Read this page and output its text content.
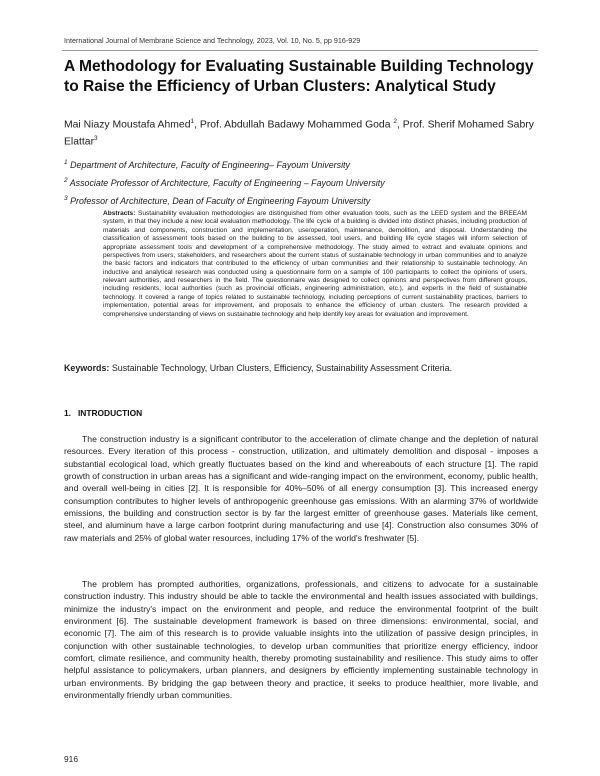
International Journal of Membrane Science and Technology, 2023, Vol. 10, No. 5, pp 916-929
A Methodology for Evaluating Sustainable Building Technology to Raise the Efficiency of Urban Clusters: Analytical Study
Mai Niazy Moustafa Ahmed$^1$, Prof. Abdullah Badawy Mohammed Goda $^2$, Prof. Sherif Mohamed Sabry Elattar$^3$
$^1$ Department of Architecture, Faculty of Engineering– Fayoum University
$^2$ Associate Professor of Architecture, Faculty of Engineering – Fayoum University
$^3$ Professor of Architecture, Dean of Faculty of Engineering Fayoum University
Abstracts: Sustainability evaluation methodologies are distinguished from other evaluation tools, such as the LEED system and the BREEAM system, in that they include a new local evaluation methodology. The life cycle of a building is divided into distinct phases, including production of materials and components, construction and implementation, use/operation, maintenance, demolition, and disposal. Understanding the classification of assessment tools based on the building to be assessed, tool users, and building life cycle stages will inform selection of appropriate assessment tools and development of a comprehensive methodology. The study aimed to extract and evaluate opinions and perspectives from users, stakeholders, and researchers about the current status of sustainable technology in urban communities and to analyze the basic factors and indicators that contributed to the efficiency of urban communities and their relationship to sustainable technology. An inductive and analytical research was conducted using a questionnaire form on a sample of 100 participants to collect the opinions of users, relevant authorities, and researchers in the field. The questionnaire was designed to collect opinions and perspectives from different groups, including residents, local authorities (such as provincial officials, engineering administration, etc.), and experts in the field of sustainable technology. It covered a range of topics related to sustainable technology, including perceptions of current sustainability practices, barriers to implementation, potential areas for improvement, and proposals to enhance the efficiency of urban clusters. The research provided a comprehensive understanding of views on sustainable technology and help identify key areas for evaluation and improvement.
Keywords: Sustainable Technology, Urban Clusters, Efficiency, Sustainability Assessment Criteria.
1.   INTRODUCTION
The construction industry is a significant contributor to the acceleration of climate change and the depletion of natural resources. Every iteration of this process - construction, utilization, and ultimately demolition and disposal - imposes a substantial ecological load, which greatly fluctuates based on the kind and whereabouts of each structure [1]. The rapid growth of construction in urban areas has a significant and wide-ranging impact on the environment, economy, public health, and overall well-being in cities [2]. It is responsible for 40%–50% of all energy consumption [3]. This increased energy consumption contributes to higher levels of anthropogenic greenhouse gas emissions. With an alarming 37% of worldwide emissions, the building and construction sector is by far the largest emitter of greenhouse gases. Materials like cement, steel, and aluminum have a large carbon footprint during manufacturing and use [4]. Construction also consumes 30% of raw materials and 25% of global water resources, including 17% of the world's freshwater [5].
The problem has prompted authorities, organizations, professionals, and citizens to advocate for a sustainable construction industry. This industry should be able to tackle the environmental and health issues associated with buildings, minimize the industry's impact on the environment and people, and reduce the environmental footprint of the built environment [6]. The sustainable development framework is based on three dimensions: environmental, social, and economic [7]. The aim of this research is to provide valuable insights into the utilization of passive design principles, in conjunction with other sustainable technologies, to develop urban communities that prioritize energy efficiency, indoor comfort, climate resilience, and community health, thereby promoting sustainability and resilience. This study aims to offer helpful assistance to policymakers, urban planners, and designers by efficiently implementing sustainable technology in urban environments. By bridging the gap between theory and practice, it seeks to produce healthier, more livable, and environmentally friendly urban communities.
916
